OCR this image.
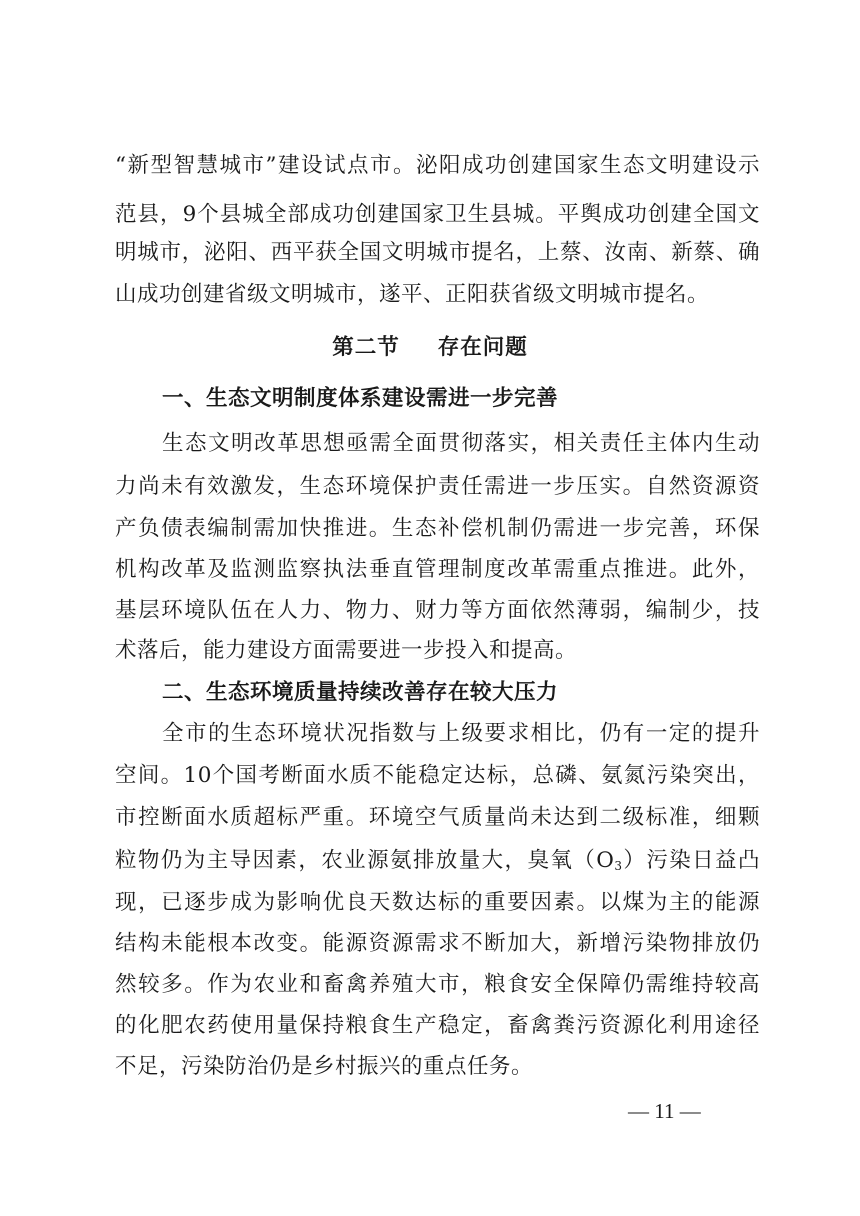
“新型智慧城市”建设试点市。泌阳成功创建国家生态文明建设示
范县，9个县城全部成功创建国家卫生县城。平舆成功创建全国文
明城市，泌阳、西平获全国文明城市提名，上蔡、汝南、新蔡、确
山成功创建省级文明城市，遂平、正阳获省级文明城市提名。
第二节 存在问题
一、生态文明制度体系建设需进一步完善
生态文明改革思想亟需全面贯彻落实，相关责任主体内生动
力尚未有效激发，生态环境保护责任需进一步压实。自然资源资
产负债表编制需加快推进。生态补偿机制仍需进一步完善，环保
机构改革及监测监察执法垂直管理制度改革需重点推进。此外，
基层环境队伍在人力、物力、财力等方面依然薄弱，编制少，技
术落后，能力建设方面需要进一步投入和提高。
二、生态环境质量持续改善存在较大压力
全市的生态环境状况指数与上级要求相比，仍有一定的提升
空间。10个国考断面水质不能稳定达标，总磷、氨氮污染突出，
市控断面水质超标严重。环境空气质量尚未达到二级标准，细颗
粒物仍为主导因素，农业源氨排放量大，臭氧$(O_3)$污染日益凸
现，已逐步成为影响优良天数达标的重要因素。以煤为主的能源
结构未能根本改变。能源资源需求不断加大，新增污染物排放仍
然较多。作为农业和畜禽养殖大市，粮食安全保障仍需维持较高
的化肥农药使用量保持粮食生产稳定，畜禽粪污资源化利用途径
不足，污染防治仍是乡村振兴的重点任务。
— 11 —
